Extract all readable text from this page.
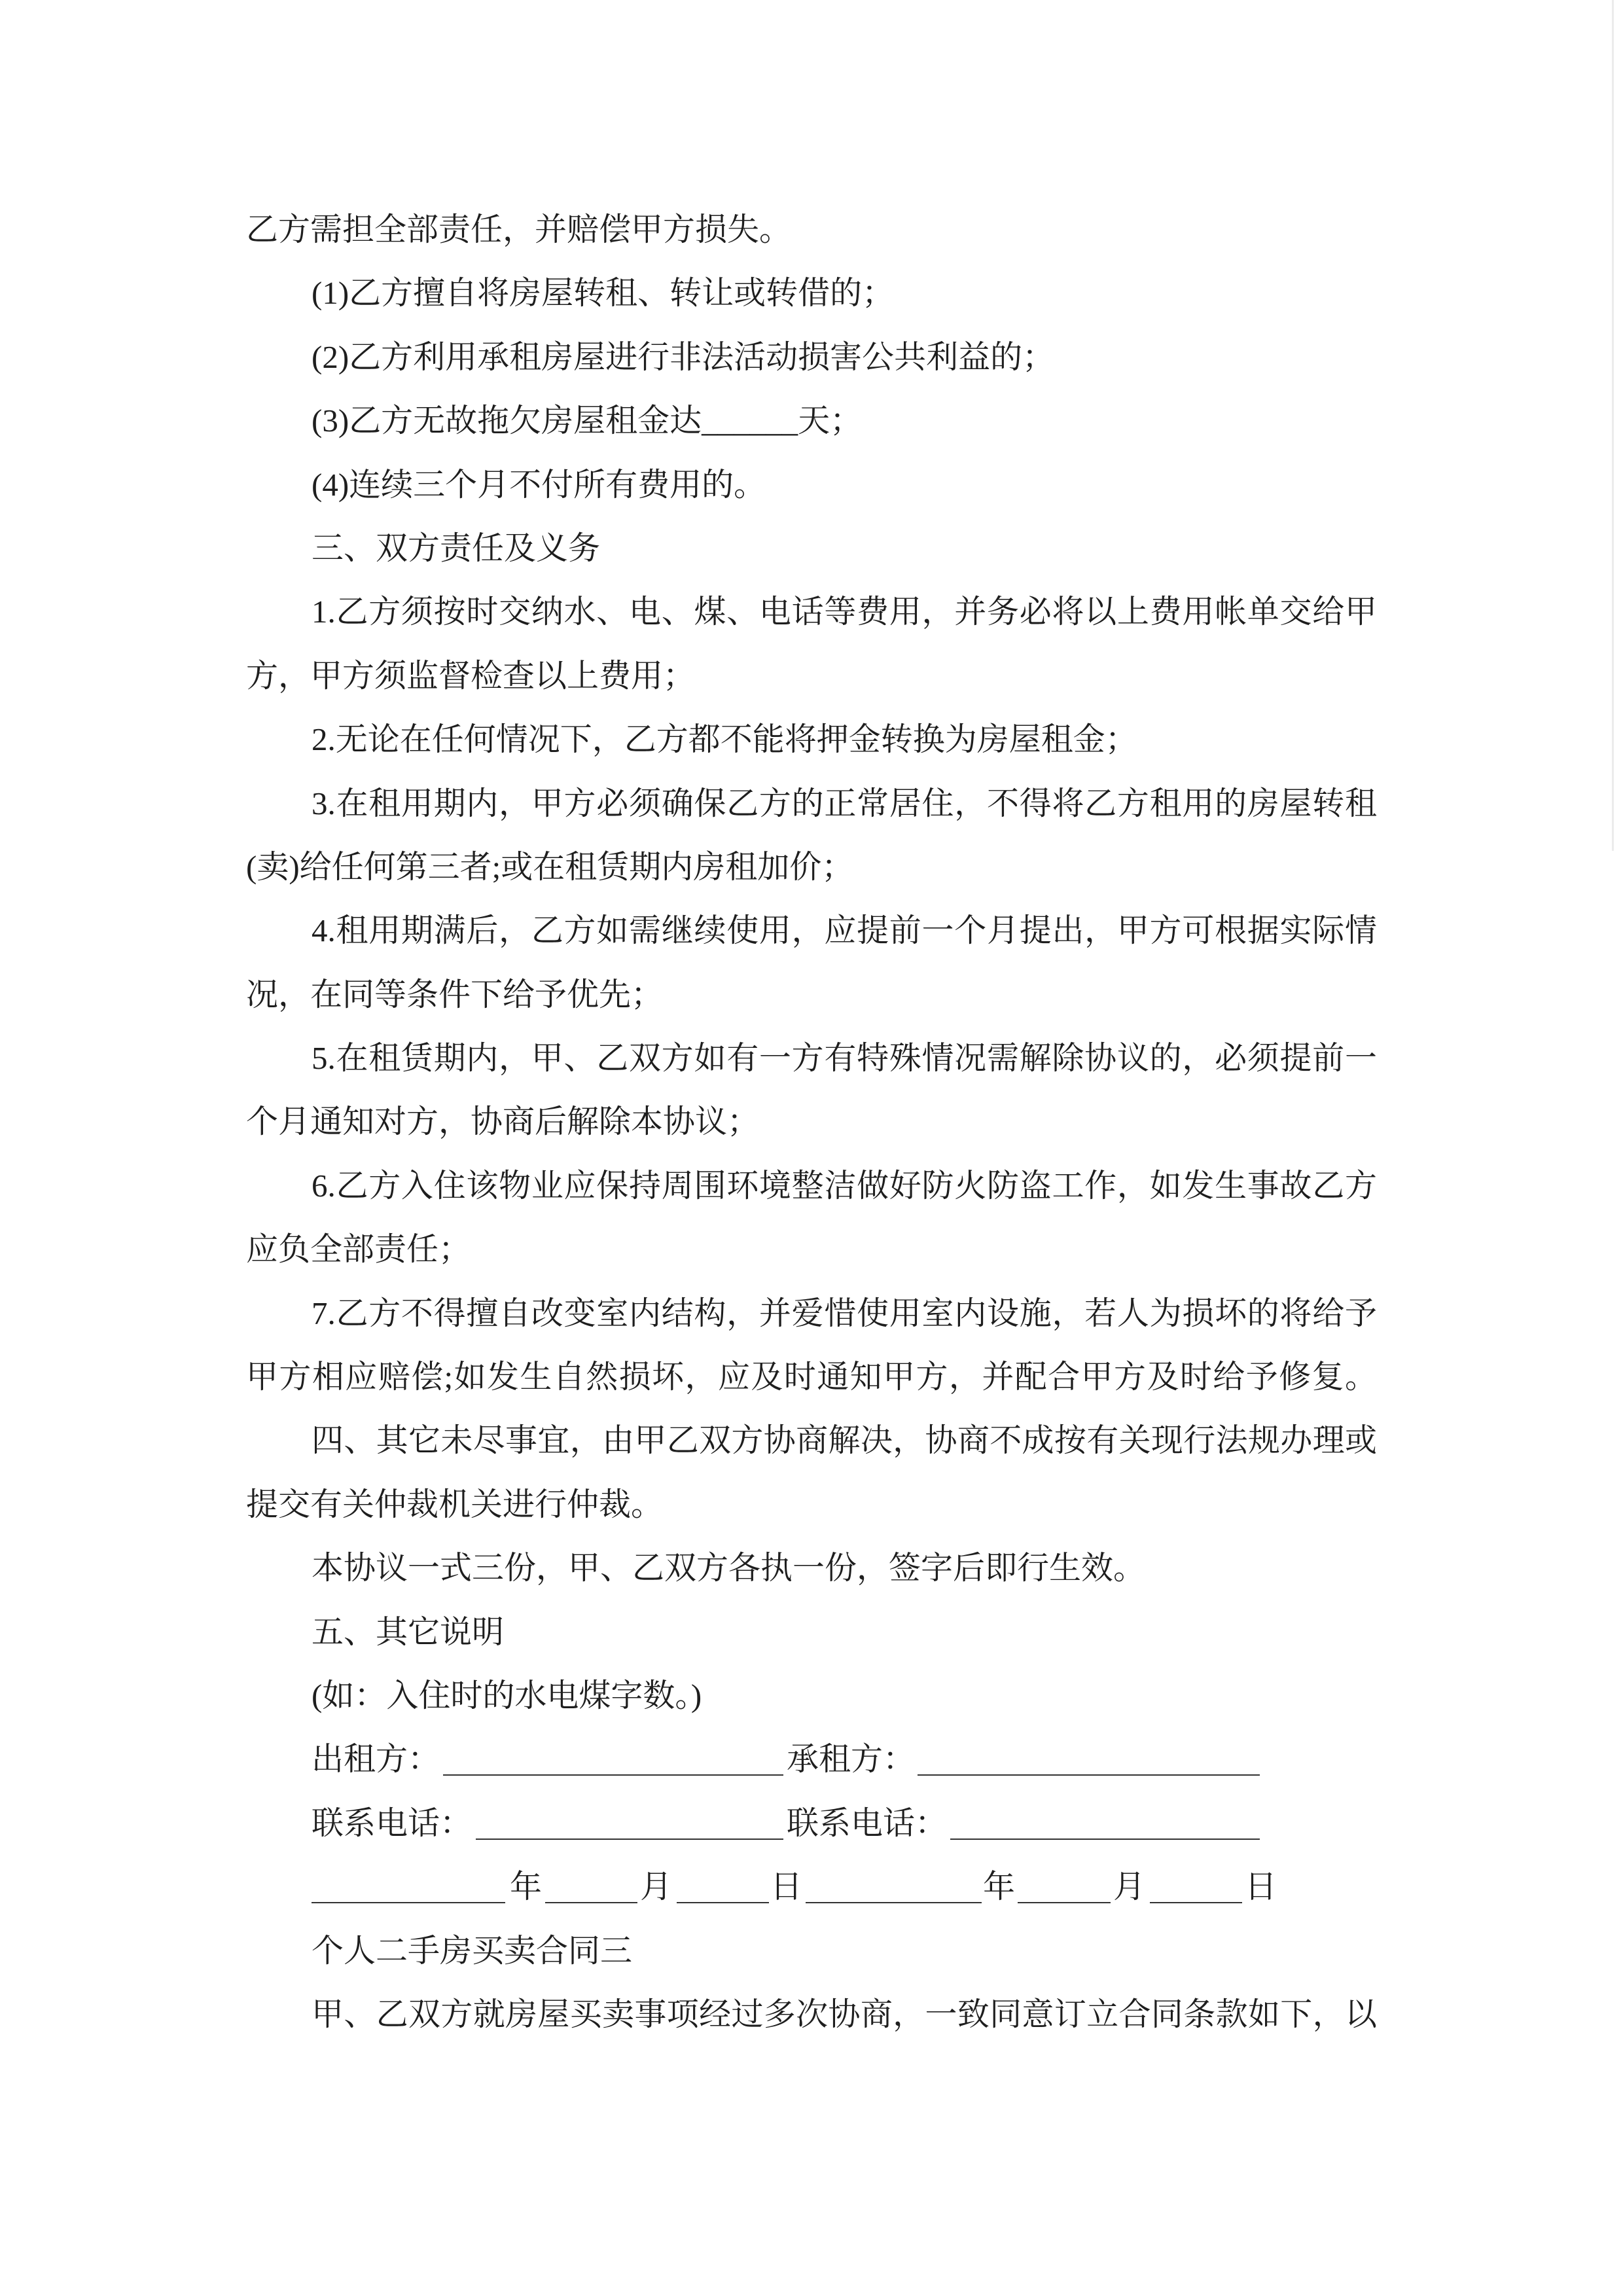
乙方需担全部责任，并赔偿甲方损失。
(1)乙方擅自将房屋转租、转让或转借的；
(2)乙方利用承租房屋进行非法活动损害公共利益的；
(3)乙方无故拖欠房屋租金达______天；
(4)连续三个月不付所有费用的。
三、双方责任及义务
1.乙方须按时交纳水、电、煤、电话等费用，并务必将以上费用帐单交给甲
方，甲方须监督检查以上费用；
2.无论在任何情况下，乙方都不能将押金转换为房屋租金；
3.在租用期内，甲方必须确保乙方的正常居住，不得将乙方租用的房屋转租
(卖)给任何第三者;或在租赁期内房租加价；
4.租用期满后，乙方如需继续使用，应提前一个月提出，甲方可根据实际情
况，在同等条件下给予优先；
5.在租赁期内，甲、乙双方如有一方有特殊情况需解除协议的，必须提前一
个月通知对方，协商后解除本协议；
6.乙方入住该物业应保持周围环境整洁做好防火防盗工作，如发生事故乙方
应负全部责任；
7.乙方不得擅自改变室内结构，并爱惜使用室内设施，若人为损坏的将给予
甲方相应赔偿;如发生自然损坏，应及时通知甲方，并配合甲方及时给予修复。
四、其它未尽事宜，由甲乙双方协商解决，协商不成按有关现行法规办理或
提交有关仲裁机关进行仲裁。
本协议一式三份，甲、乙双方各执一份，签字后即行生效。
五、其它说明
(如：入住时的水电煤字数。)
出租方：	承租方：
联系电话：	联系电话：
年	月	日	年	月	日
个人二手房买卖合同三
甲、乙双方就房屋买卖事项经过多次协商，一致同意订立合同条款如下，以
